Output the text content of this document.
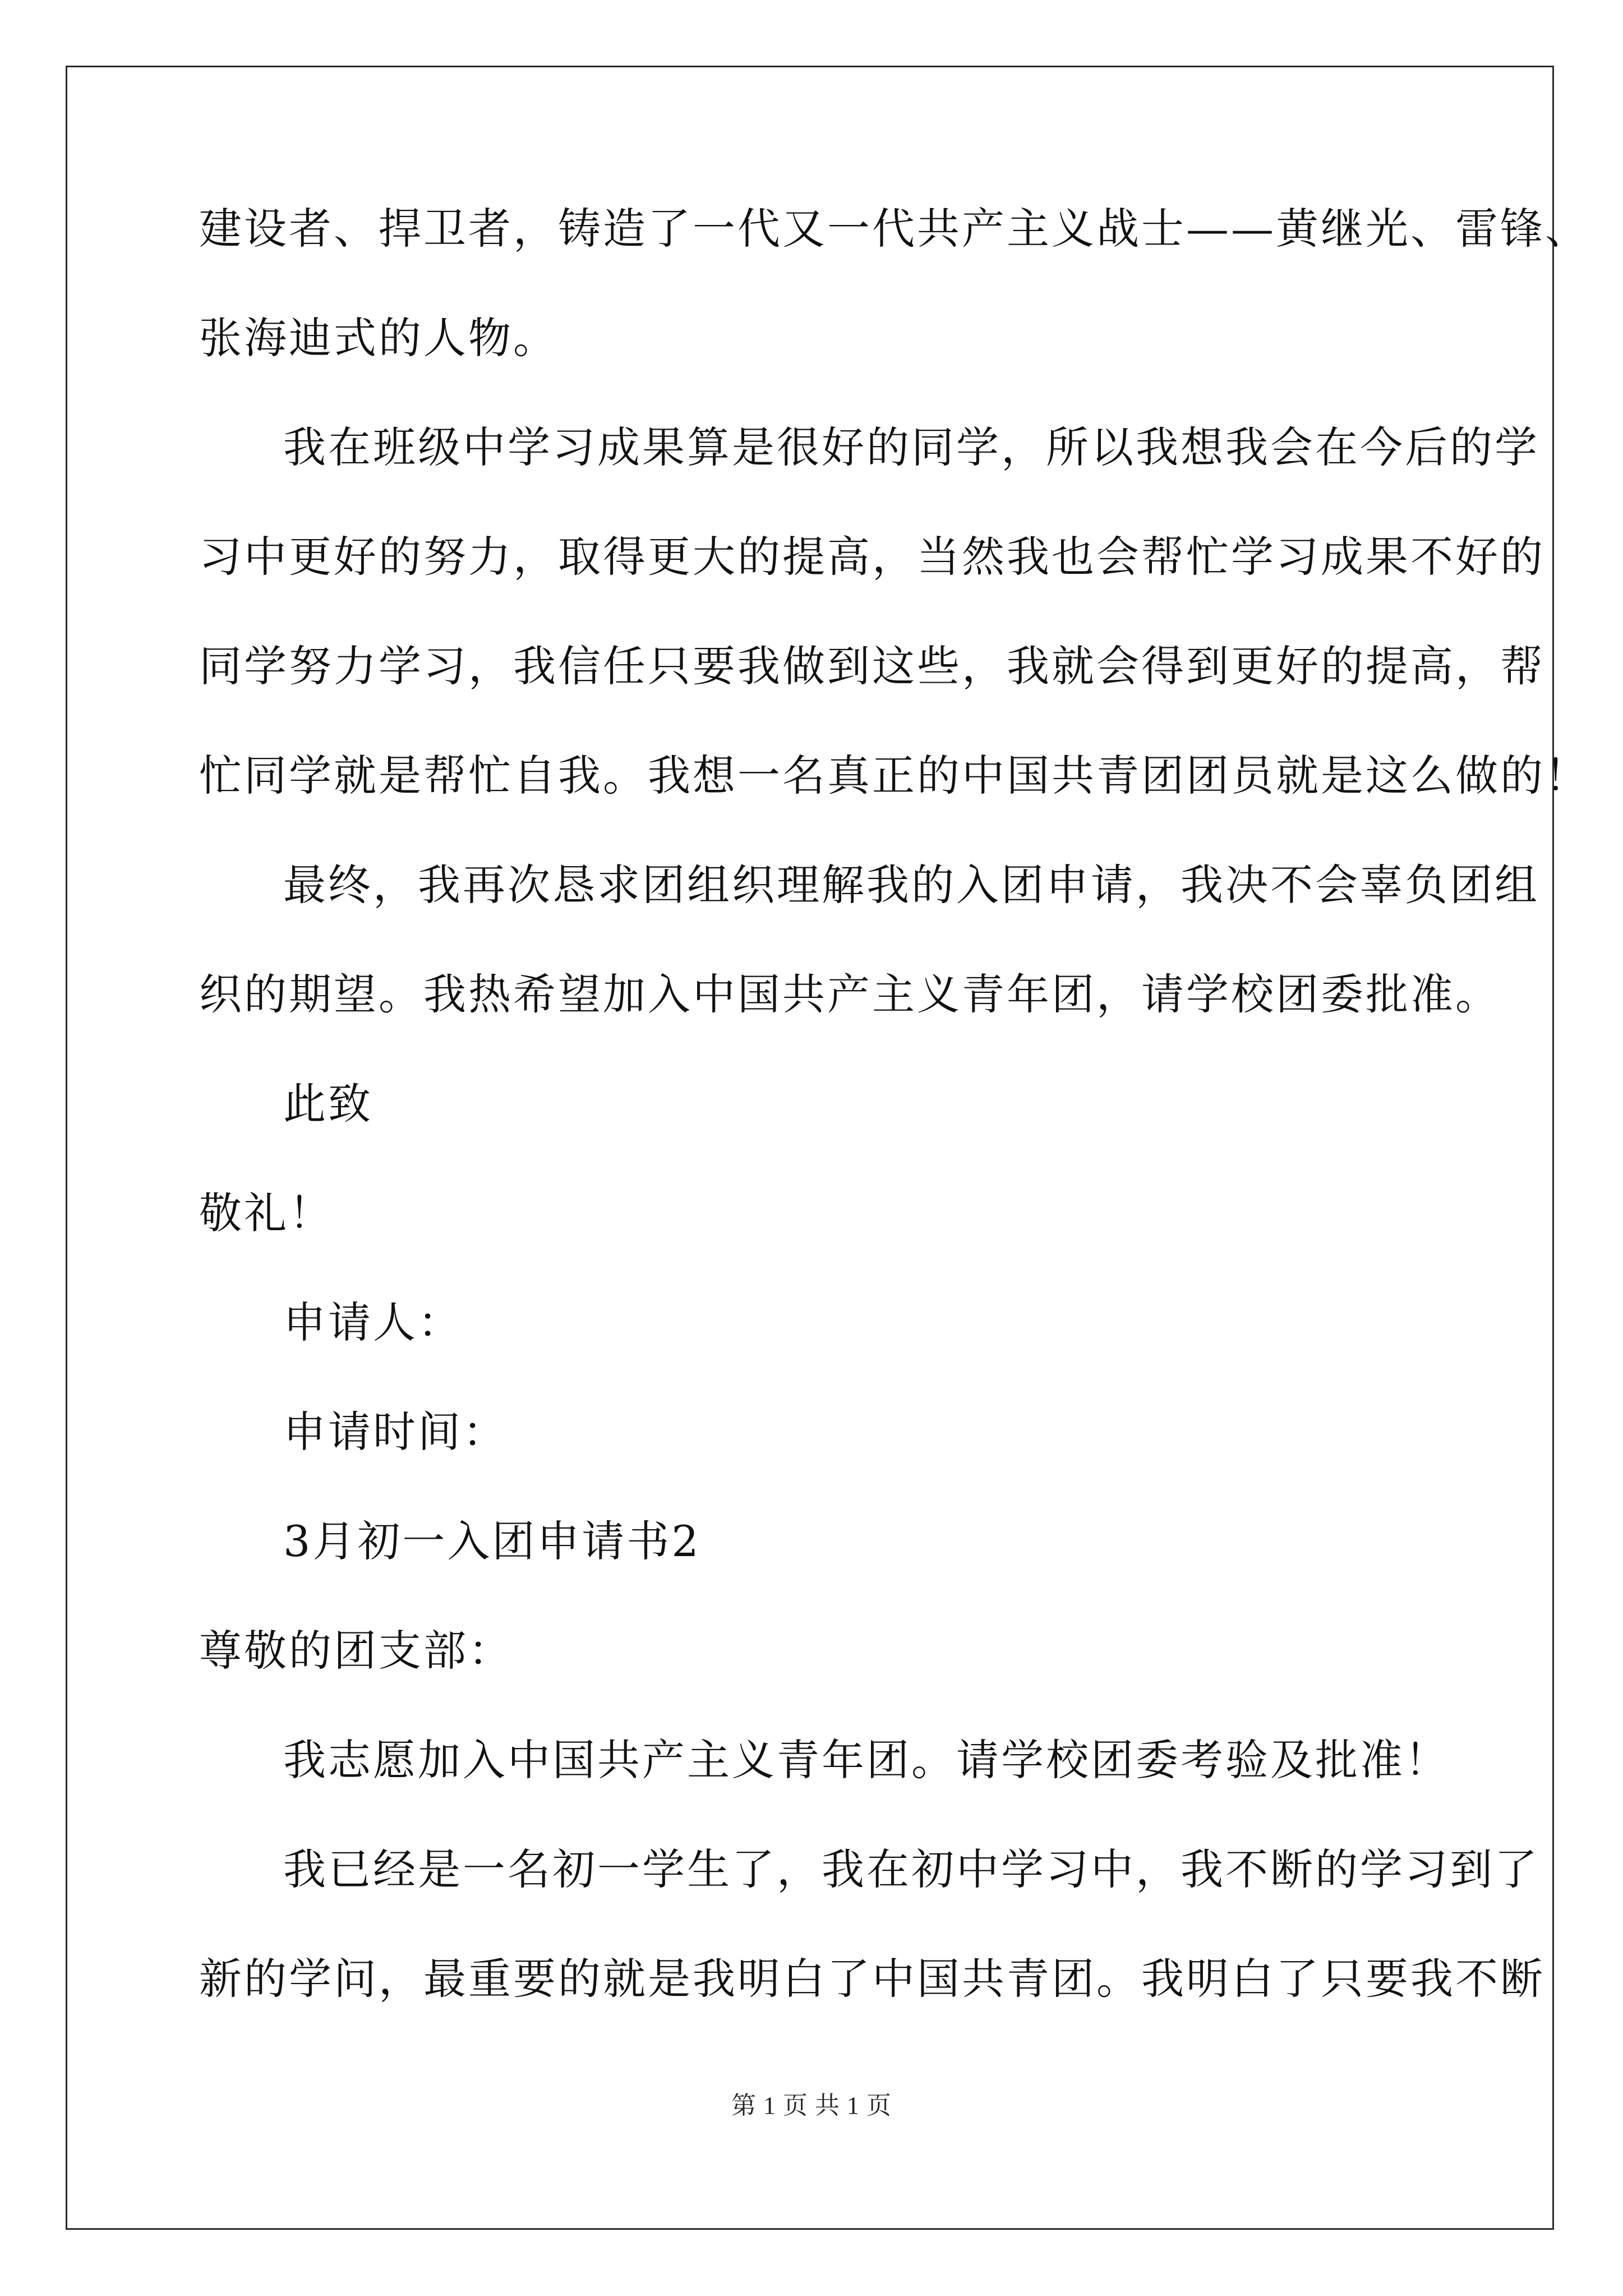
建设者、捍卫者，铸造了一代又一代共产主义战士——黄继光、雷锋、
张海迪式的人物。
我在班级中学习成果算是很好的同学，所以我想我会在今后的学
习中更好的努力，取得更大的提高，当然我也会帮忙学习成果不好的
同学努力学习，我信任只要我做到这些，我就会得到更好的提高，帮
忙同学就是帮忙自我。我想一名真正的中国共青团团员就是这么做的！
最终，我再次恳求团组织理解我的入团申请，我决不会辜负团组
织的期望。我热希望加入中国共产主义青年团，请学校团委批准。
此致
敬礼！
申请人：
申请时间：
3月初一入团申请书2
尊敬的团支部：
我志愿加入中国共产主义青年团。请学校团委考验及批准！
我已经是一名初一学生了，我在初中学习中，我不断的学习到了
新的学问，最重要的就是我明白了中国共青团。我明白了只要我不断
第 1 页 共 1 页
